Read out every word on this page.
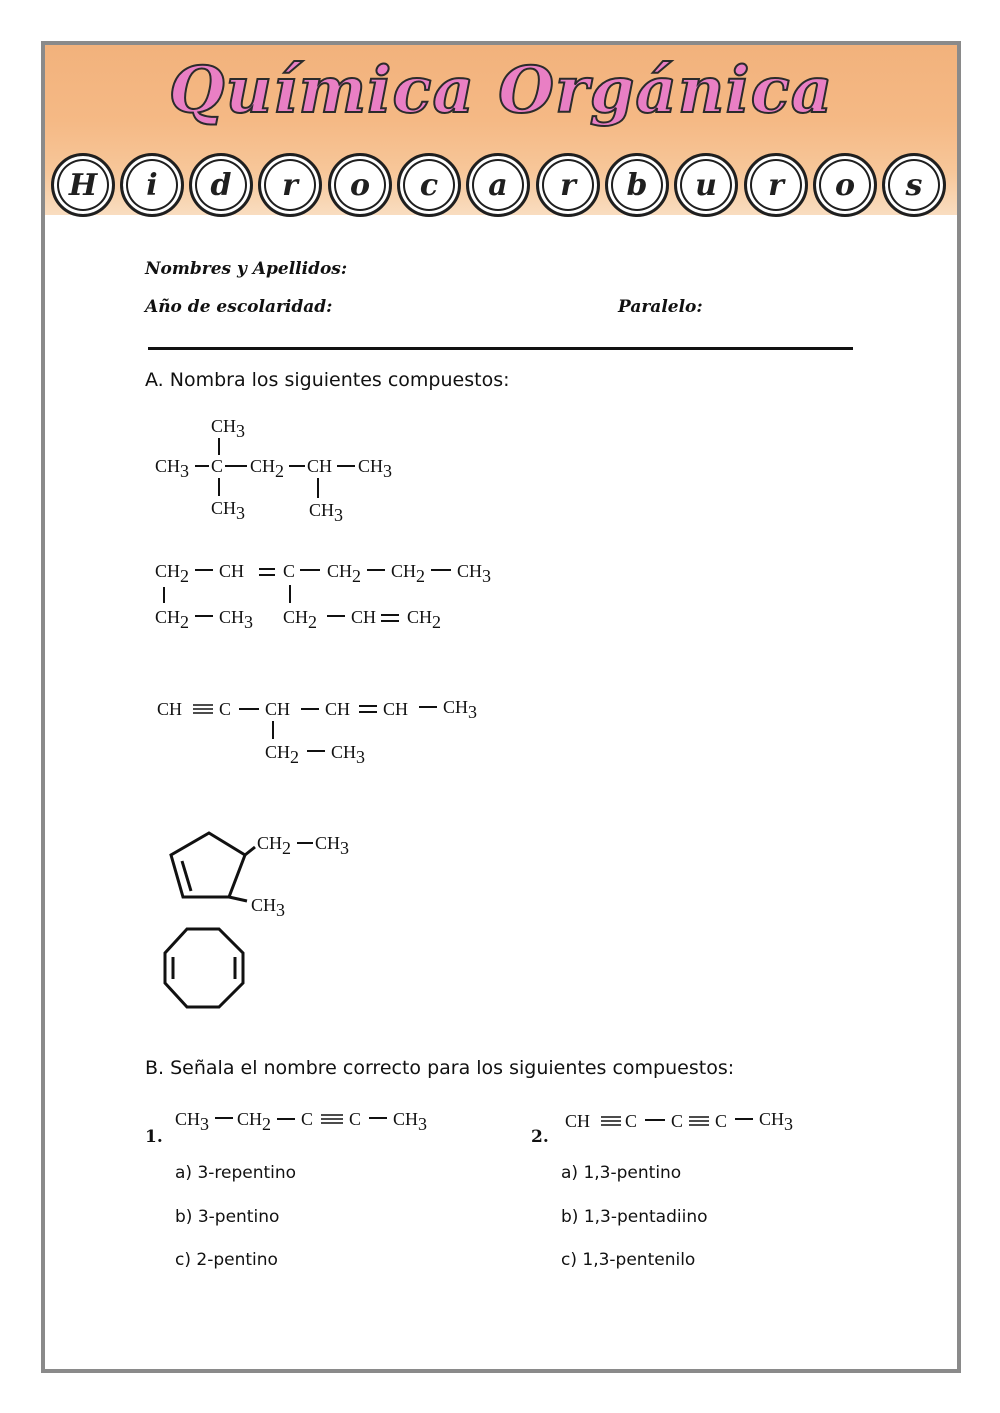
Química Orgánica
H	i	d	r	o	c	a	r	b	u	r	o	s
Nombres y Apellidos:
Año de escolaridad:	Paralelo:
A. Nombra los siguientes compuestos:
CH3
CH3 C CH2 CH CH3
CH3	CH3
CH2 CH C CH2 CH2 CH3
CH2 CH3 CH2 CH CH2
CH C CH CH CH CH3
CH2 CH3
CH2 CH3
CH3
B. Señala el nombre correcto para los siguientes compuestos:
1.
CH3 CH2 C C CH3
a) 3-repentino
b) 3-pentino
c) 2-pentino
2.
CH C C C CH3
a) 1,3-pentino
b) 1,3-pentadiino
c) 1,3-pentenilo
